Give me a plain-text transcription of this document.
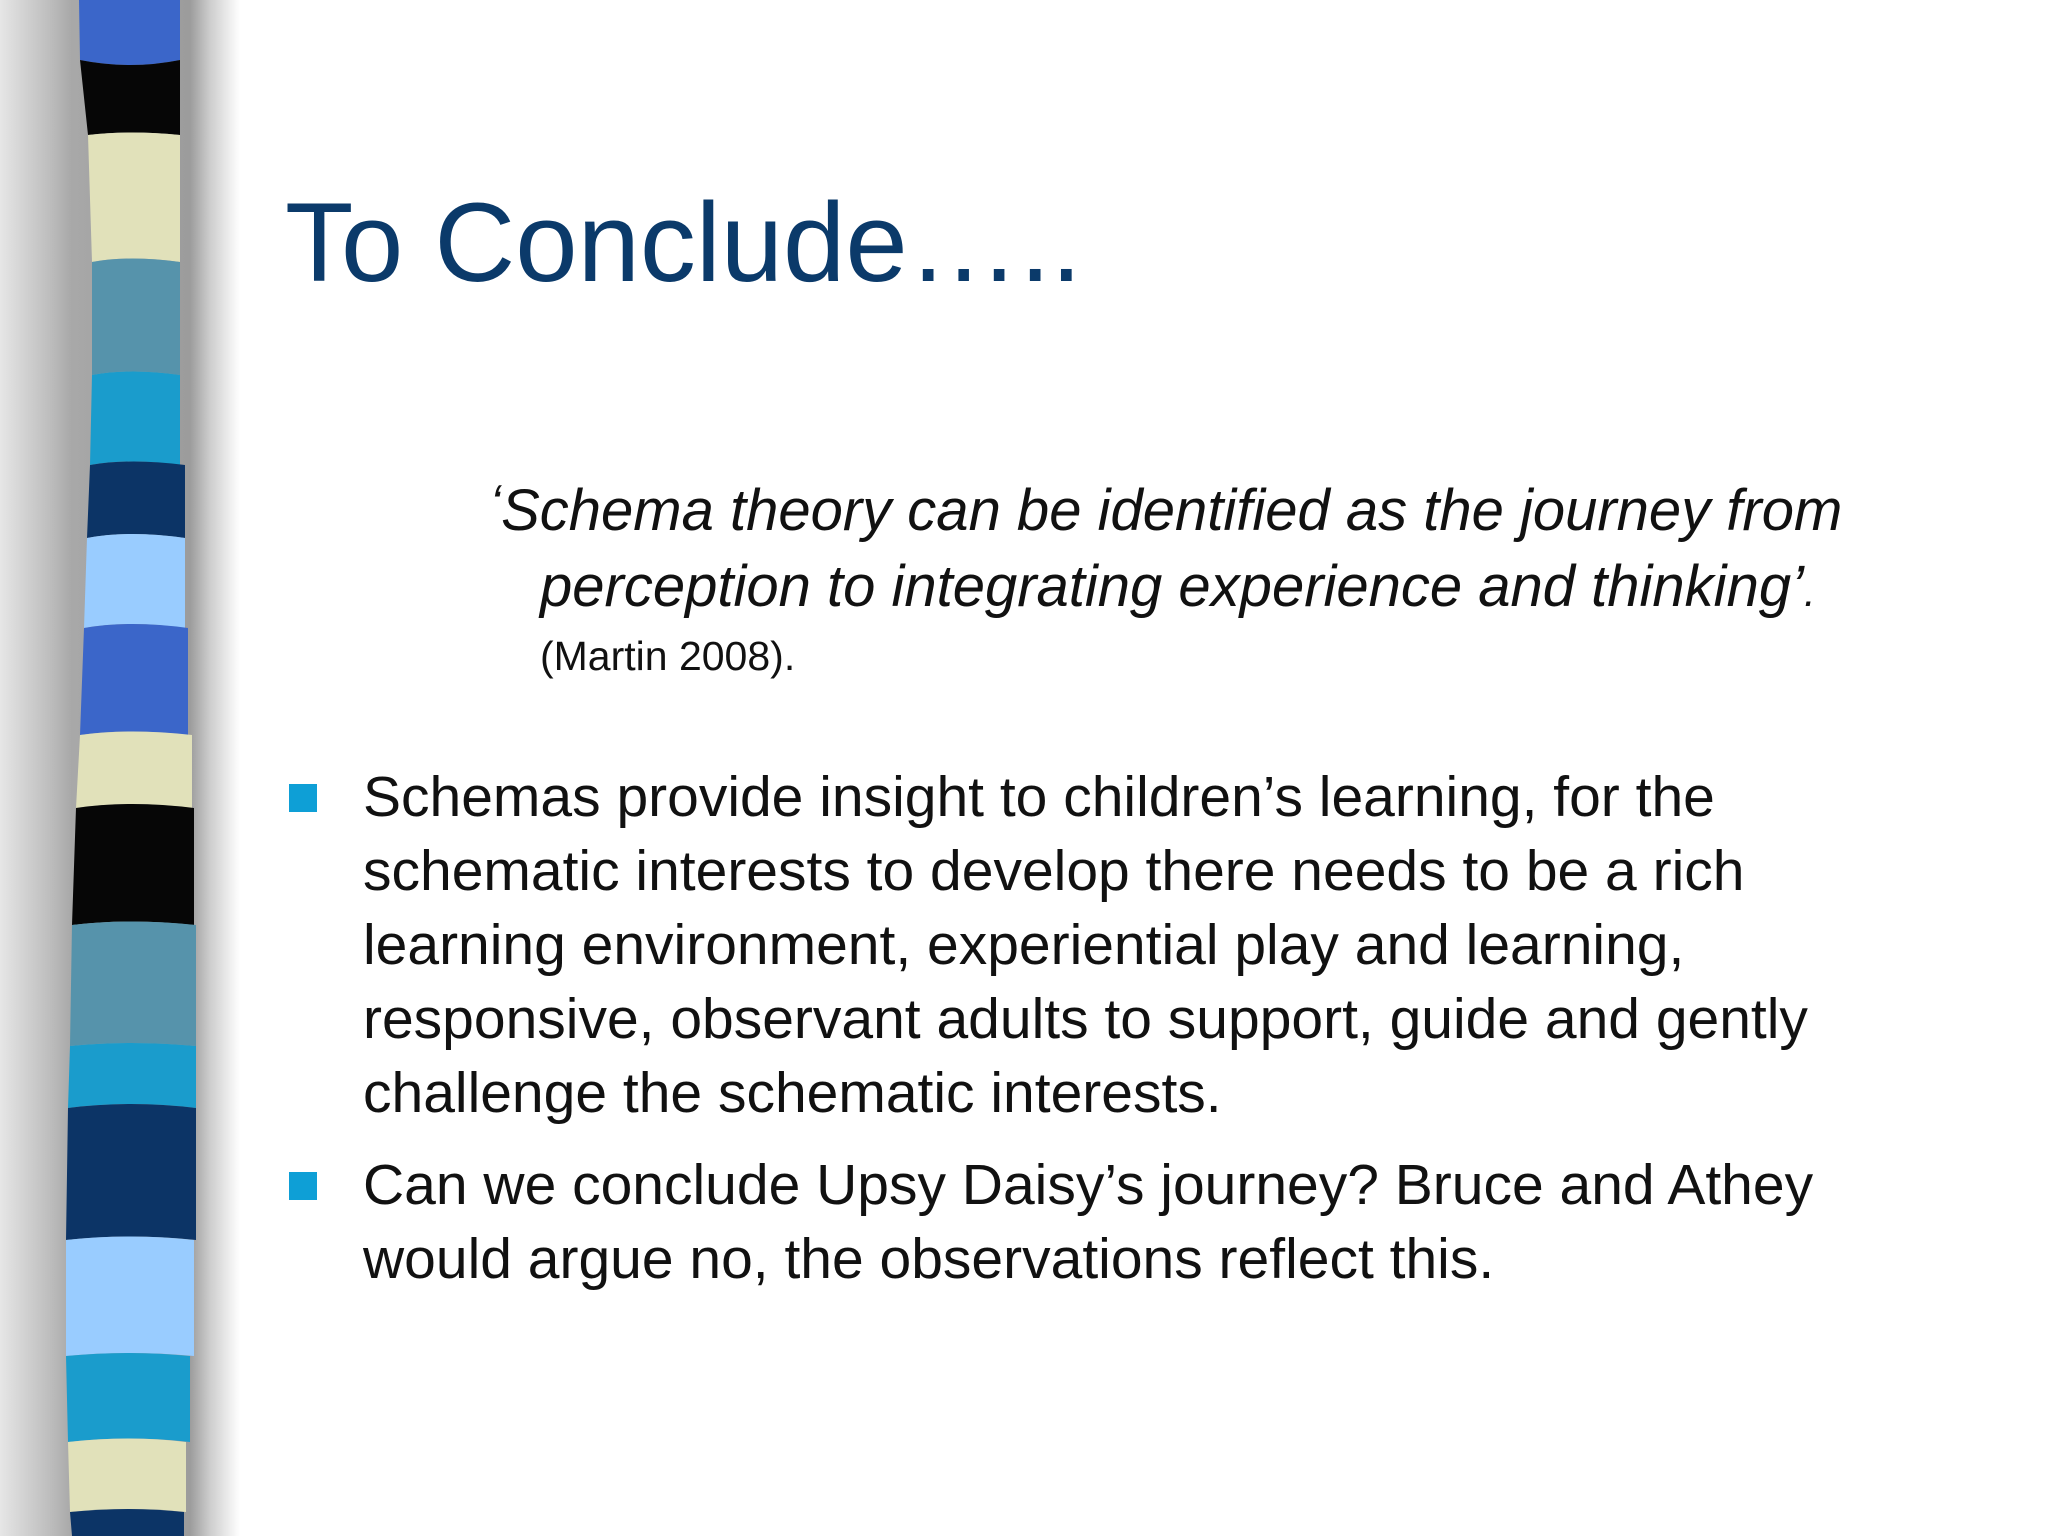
To Conclude…..
‘Schema theory can be identified as the journey from
perception to integrating experience and thinking’.
(Martin 2008).
Schemas provide insight to children’s learning, for the
schematic interests to develop there needs to be a rich
learning environment, experiential play and learning,
responsive, observant adults to support, guide and gently
challenge the schematic interests.
Can we conclude Upsy Daisy’s journey? Bruce and Athey
would argue no, the observations reflect this.
